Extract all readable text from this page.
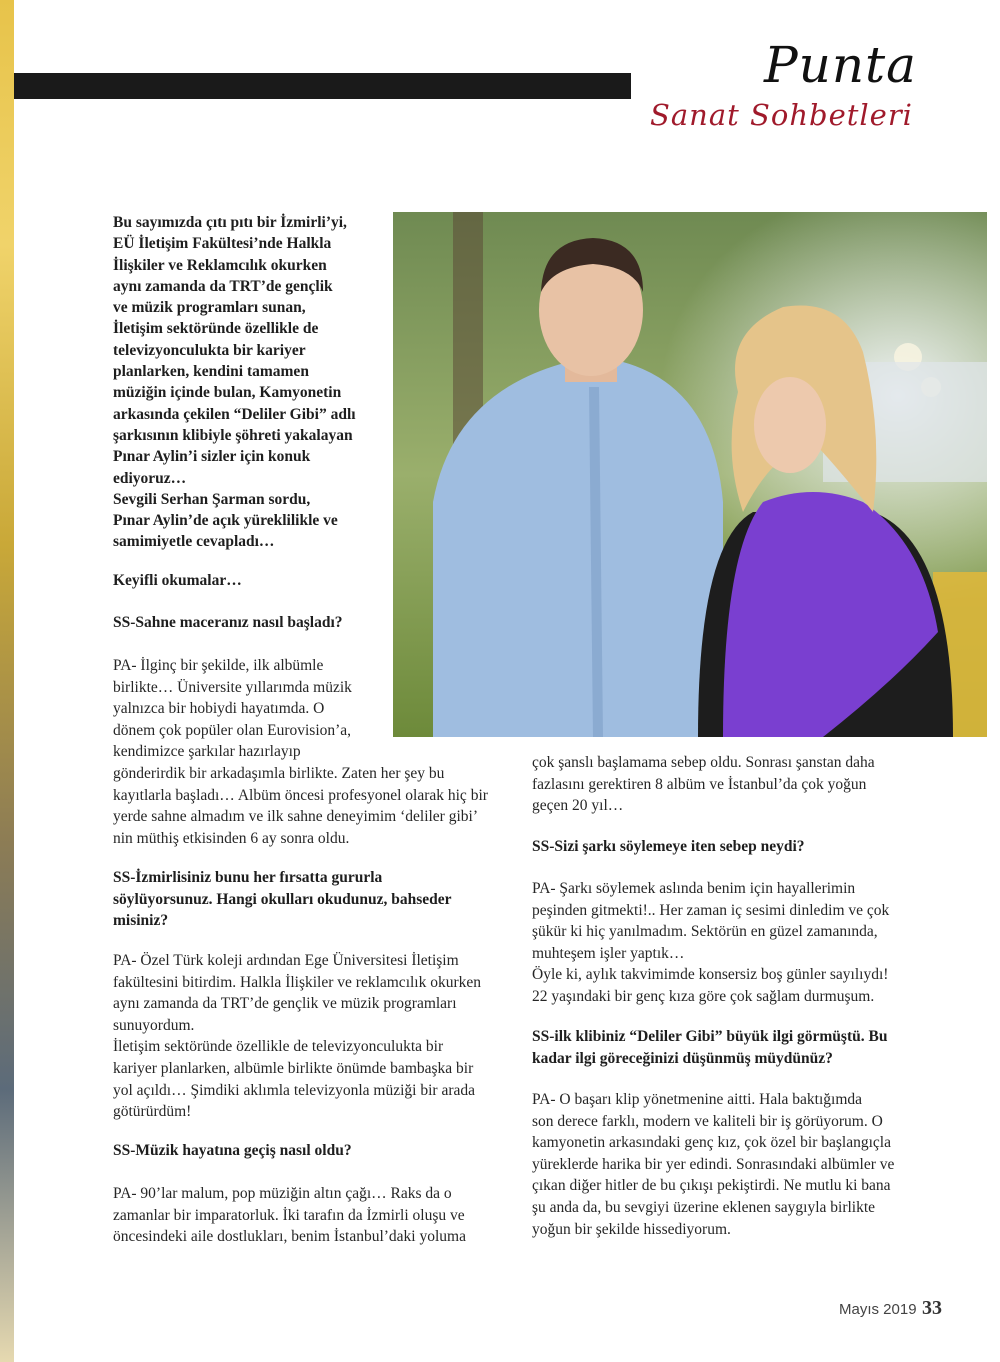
Punta
Sanat Sohbetleri
Bu sayımızda çıtı pıtı bir İzmirli’yi,
EÜ İletişim Fakültesi’nde Halkla
İlişkiler ve Reklamcılık okurken
aynı zamanda da TRT’de gençlik
ve müzik programları sunan,
İletişim sektöründe özellikle de
televizyonculukta bir kariyer
planlarken, kendini tamamen
müziğin içinde bulan, Kamyonetin
arkasında çekilen “Deliler Gibi” adlı
şarkısının klibiyle şöhreti yakalayan
Pınar Aylin’i sizler için konuk
ediyoruz…
Sevgili Serhan Şarman sordu,
Pınar Aylin’de açık yüreklilikle ve
samimiyetle cevapladı…
Keyifli okumalar…
SS-Sahne maceranız nasıl başladı?
PA- İlginç bir şekilde, ilk albümle
birlikte… Üniversite yıllarımda müzik
yalnızca bir hobiydi hayatımda. O
dönem çok popüler olan Eurovision’a,
kendimizce şarkılar hazırlayıp
gönderirdik bir arkadaşımla birlikte. Zaten her şey bu
kayıtlarla başladı… Albüm öncesi profesyonel olarak hiç bir
yerde sahne almadım ve ilk sahne deneyimim ‘deliler gibi’
nin müthiş etkisinden 6 ay sonra oldu.
SS-İzmirlisiniz bunu her fırsatta gururla
söylüyorsunuz. Hangi okulları okudunuz, bahseder
misiniz?
PA- Özel Türk koleji ardından Ege Üniversitesi İletişim
fakültesini bitirdim. Halkla İlişkiler ve reklamcılık okurken
aynı zamanda da TRT’de gençlik ve müzik programları
sunuyordum.
İletişim sektöründe özellikle de televizyonculukta bir
kariyer planlarken, albümle birlikte önümde bambaşka bir
yol açıldı… Şimdiki aklımla televizyonla müziği bir arada
götürürdüm!
SS-Müzik hayatına geçiş nasıl oldu?
PA- 90’lar malum, pop müziğin altın çağı… Raks da o
zamanlar bir imparatorluk. İki tarafın da İzmirli oluşu ve
öncesindeki aile dostlukları, benim İstanbul’daki yoluma
çok şanslı başlamama sebep oldu. Sonrası şanstan daha
fazlasını gerektiren 8 albüm ve İstanbul’da çok yoğun
geçen 20 yıl…
SS-Sizi şarkı söylemeye iten sebep neydi?
PA- Şarkı söylemek aslında benim için hayallerimin
peşinden gitmekti!.. Her zaman iç sesimi dinledim ve çok
şükür ki hiç yanılmadım. Sektörün en güzel zamanında,
muhteşem işler yaptık…
Öyle ki, aylık takvimimde konsersiz boş günler sayılıydı!
22 yaşındaki bir genç kıza göre çok sağlam durmuşum.
SS-ilk klibiniz “Deliler Gibi” büyük ilgi görmüştü. Bu
kadar ilgi göreceğinizi düşünmüş müydünüz?
PA- O başarı klip yönetmenine aitti. Hala baktığımda
son derece farklı, modern ve kaliteli bir iş görüyorum. O
kamyonetin arkasındaki genç kız, çok özel bir başlangıçla
yüreklerde harika bir yer edindi. Sonrasındaki albümler ve
çıkan diğer hitler de bu çıkışı pekiştirdi. Ne mutlu ki bana
şu anda da, bu sevgiyi üzerine eklenen saygıyla birlikte
yoğun bir şekilde hissediyorum.
Mayıs 2019 33
